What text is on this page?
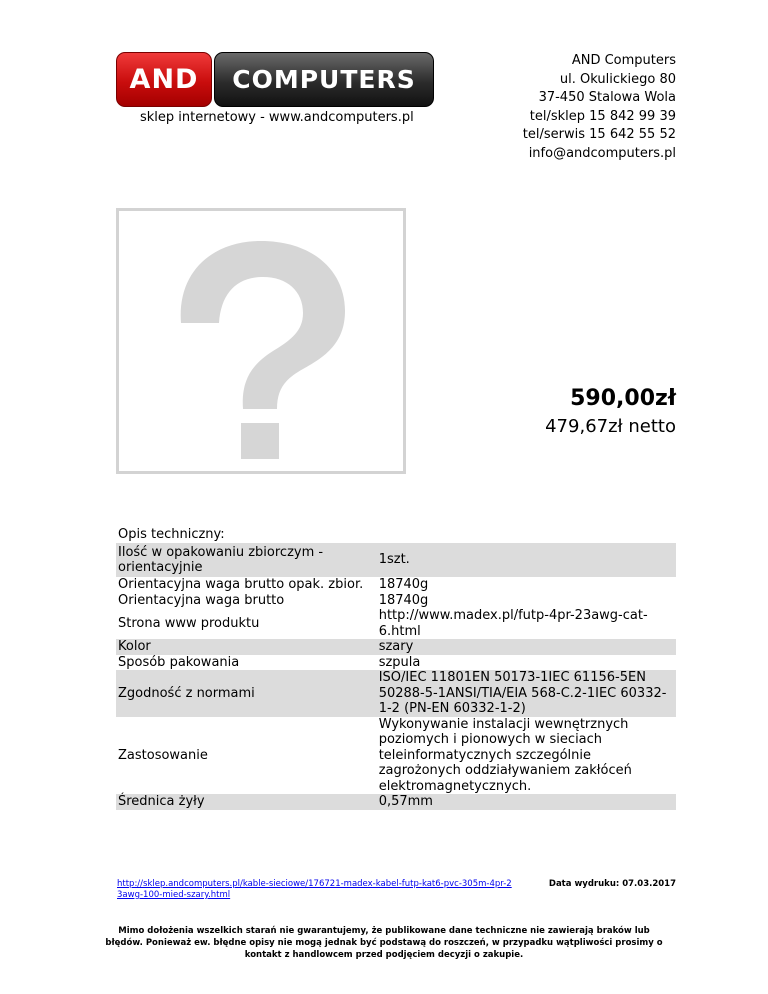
AND	COMPUTERS
sklep internetowy - www.andcomputers.pl
AND Computers
ul. Okulickiego 80
37-450 Stalowa Wola
tel/sklep 15 842 99 39
tel/serwis 15 642 55 52
info@andcomputers.pl
590,00zł
479,67zł netto
Opis techniczny:
Ilość w opakowaniu zbiorczym - orientacyjnie	1szt.
Orientacyjna waga brutto opak. zbior.	18740g
Orientacyjna waga brutto	18740g
Strona www produktu	http://www.madex.pl/futp-4pr-23awg-cat-6.html
Kolor	szary
Sposób pakowania	szpula
Zgodność z normami	ISO/IEC 11801EN 50173-1IEC 61156-5EN 50288-5-1ANSI/TIA/EIA 568-C.2-1IEC 60332-1-2 (PN-EN 60332-1-2)
Zastosowanie	Wykonywanie instalacji wewnętrznych poziomych i pionowych w sieciach teleinformatycznych szczególnie zagrożonych oddziaływaniem zakłóceń elektromagnetycznych.
Średnica żyły	0,57mm
http://sklep.andcomputers.pl/kable-sieciowe/176721-madex-kabel-futp-kat6-pvc-305m-4pr-23awg-100-mied-szary.html
Data wydruku: 07.03.2017
Mimo dołożenia wszelkich starań nie gwarantujemy, że publikowane dane techniczne nie zawierają braków lub błędów. Ponieważ ew. błędne opisy nie mogą jednak być podstawą do roszczeń, w przypadku wątpliwości prosimy o kontakt z handlowcem przed podjęciem decyzji o zakupie.
